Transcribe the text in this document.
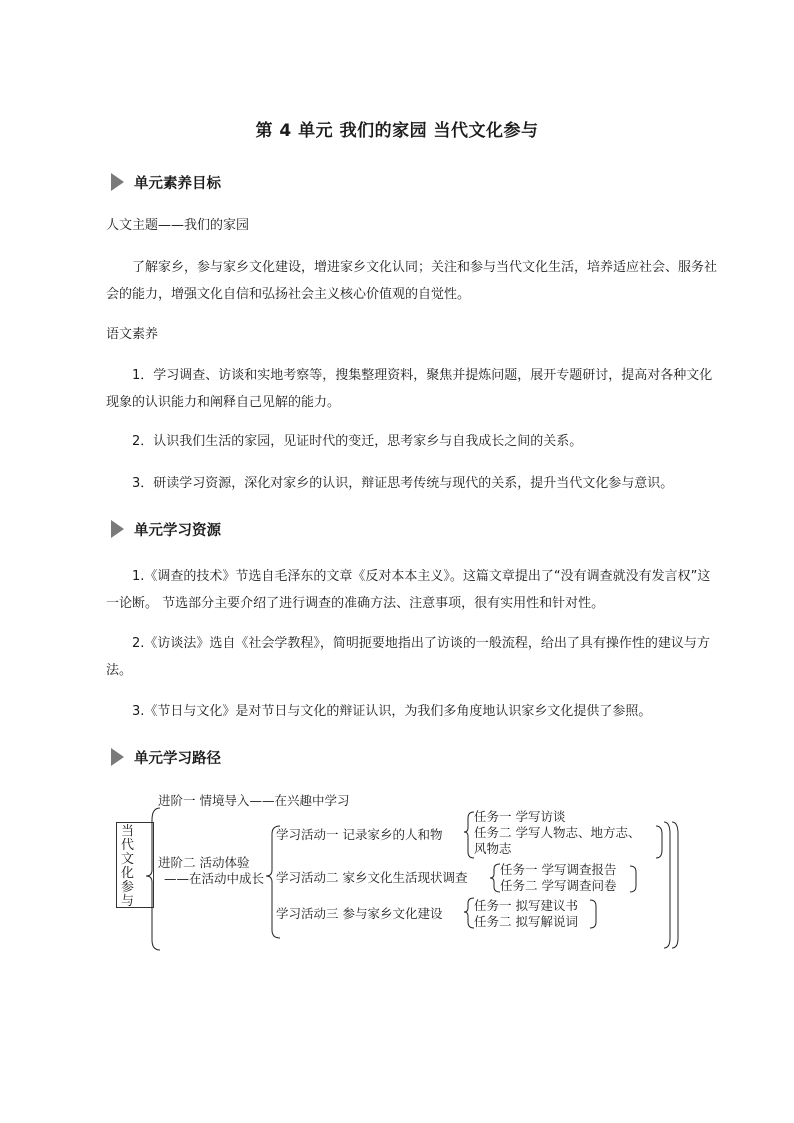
第 4 单元 我们的家园 当代文化参与
单元素养目标
人文主题——我们的家园
了解家乡，参与家乡文化建设，增进家乡文化认同；关注和参与当代文化生活，培养适应社会、服务社会的能力，增强文化自信和弘扬社会主义核心价值观的自觉性。
语文素养
1．学习调查、访谈和实地考察等，搜集整理资料，聚焦并提炼问题，展开专题研讨，提高对各种文化现象的认识能力和阐释自己见解的能力。
2．认识我们生活的家园，见证时代的变迁，思考家乡与自我成长之间的关系。
3．研读学习资源，深化对家乡的认识，辩证思考传统与现代的关系，提升当代文化参与意识。
单元学习资源
1.《调查的技术》节选自毛泽东的文章《反对本本主义》。这篇文章提出了“没有调查就没有发言权”这一论断。 节选部分主要介绍了进行调查的准确方法、注意事项，很有实用性和针对性。
2.《访谈法》选自《社会学教程》，简明扼要地指出了访谈的一般流程，给出了具有操作性的建议与方法。
3.《节日与文化》是对节日与文化的辩证认识，为我们多角度地认识家乡文化提供了参照。
单元学习路径
当
代
文
化
参
与
进阶一 情境导入——在兴趣中学习
进阶二 活动体验
——在活动中成长
学习活动一 记录家乡的人和物
学习活动二 家乡文化生活现状调查
学习活动三 参与家乡文化建设
任务一 学写访谈
任务二 学写人物志、地方志、
风物志
任务一 学写调查报告
任务二 学写调查问卷
任务一 拟写建议书
任务二 拟写解说词
